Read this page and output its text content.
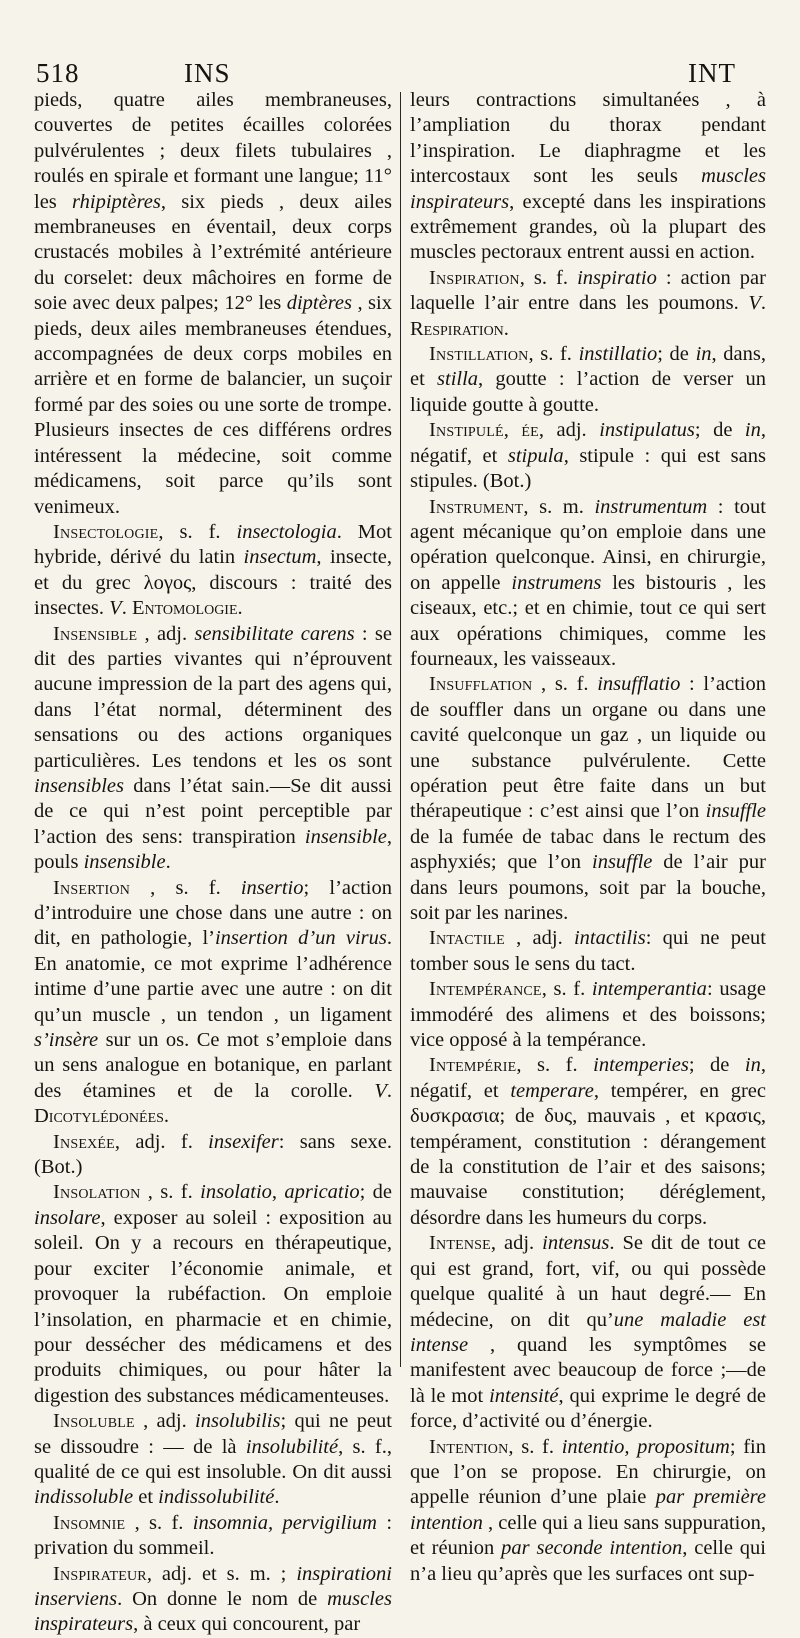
518	INS	INT

pieds, quatre ailes membraneuses, couvertes de petites écailles colorées pulvérulentes ; deux filets tubulaires , roulés en spirale et formant une langue; 11° les rhipiptères, six pieds , deux ailes membraneuses en éventail, deux corps crustacés mobiles à l’extrémité antérieure du corselet: deux mâchoires en forme de soie avec deux palpes; 12° les diptères , six pieds, deux ailes membraneuses étendues, accompagnées de deux corps mobiles en arrière et en forme de balancier, un suçoir formé par des soies ou une sorte de trompe. Plusieurs insectes de ces différens ordres intéressent la médecine, soit comme médicamens, soit parce qu’ils sont venimeux.

Insectologie, s. f. insectologia. Mot hybride, dérivé du latin insectum, insecte, et du grec λογος, discours : traité des insectes. V. Entomologie.

Insensible , adj. sensibilitate carens : se dit des parties vivantes qui n’éprouvent aucune impression de la part des agens qui, dans l’état normal, déterminent des sensations ou des actions organiques particulières. Les tendons et les os sont insensibles dans l’état sain.—Se dit aussi de ce qui n’est point perceptible par l’action des sens: transpiration insensible, pouls insensible.

Insertion , s. f. insertio; l’action d’introduire une chose dans une autre : on dit, en pathologie, l’insertion d’un virus. En anatomie, ce mot exprime l’adhérence intime d’une partie avec une autre : on dit qu’un muscle , un tendon , un ligament s’insère sur un os. Ce mot s’emploie dans un sens analogue en botanique, en parlant des étamines et de la corolle. V. Dicotylédonées.

Insexée, adj. f. insexifer: sans sexe. (Bot.)

Insolation , s. f. insolatio, apricatio; de insolare, exposer au soleil : exposition au soleil. On y a recours en thérapeutique, pour exciter l’économie animale, et provoquer la rubéfaction. On emploie l’insolation, en pharmacie et en chimie, pour dessécher des médicamens et des produits chimiques, ou pour hâter la digestion des substances médicamenteuses.

Insoluble , adj. insolubilis; qui ne peut se dissoudre : — de là insolubilité, s. f., qualité de ce qui est insoluble. On dit aussi indissoluble et indissolubilité.

Insomnie , s. f. insomnia, pervigilium : privation du sommeil.

Inspirateur, adj. et s. m. ; inspirationi inserviens. On donne le nom de muscles inspirateurs, à ceux qui concourent, par

leurs contractions simultanées , à l’ampliation du thorax pendant l’inspiration. Le diaphragme et les intercostaux sont les seuls muscles inspirateurs, excepté dans les inspirations extrêmement grandes, où la plupart des muscles pectoraux entrent aussi en action.

Inspiration, s. f. inspiratio : action par laquelle l’air entre dans les poumons. V. Respiration.

Instillation, s. f. instillatio; de in, dans, et stilla, goutte : l’action de verser un liquide goutte à goutte.

Instipulé, ée, adj. instipulatus; de in, négatif, et stipula, stipule : qui est sans stipules. (Bot.)

Instrument, s. m. instrumentum : tout agent mécanique qu’on emploie dans une opération quelconque. Ainsi, en chirurgie, on appelle instrumens les bistouris , les ciseaux, etc.; et en chimie, tout ce qui sert aux opérations chimiques, comme les fourneaux, les vaisseaux.

Insufflation , s. f. insufflatio : l’action de souffler dans un organe ou dans une cavité quelconque un gaz , un liquide ou une substance pulvérulente. Cette opération peut être faite dans un but thérapeutique : c’est ainsi que l’on insuffle de la fumée de tabac dans le rectum des asphyxiés; que l’on insuffle de l’air pur dans leurs poumons, soit par la bouche, soit par les narines.

Intactile , adj. intactilis: qui ne peut tomber sous le sens du tact.

Intempérance, s. f. intemperantia: usage immodéré des alimens et des boissons; vice opposé à la tempérance.

Intempérie, s. f. intemperies; de in, négatif, et temperare, tempérer, en grec δυσκρασια; de δυς, mauvais , et κρασις, tempérament, constitution : dérangement de la constitution de l’air et des saisons; mauvaise constitution; déréglement, désordre dans les humeurs du corps.

Intense, adj. intensus. Se dit de tout ce qui est grand, fort, vif, ou qui possède quelque qualité à un haut degré.— En médecine, on dit qu’une maladie est intense , quand les symptômes se manifestent avec beaucoup de force ;—de là le mot intensité, qui exprime le degré de force, d’activité ou d’énergie.

Intention, s. f. intentio, propositum; fin que l’on se propose. En chirurgie, on appelle réunion d’une plaie par première intention , celle qui a lieu sans suppuration, et réunion par seconde intention, celle qui n’a lieu qu’après que les surfaces ont sup-
